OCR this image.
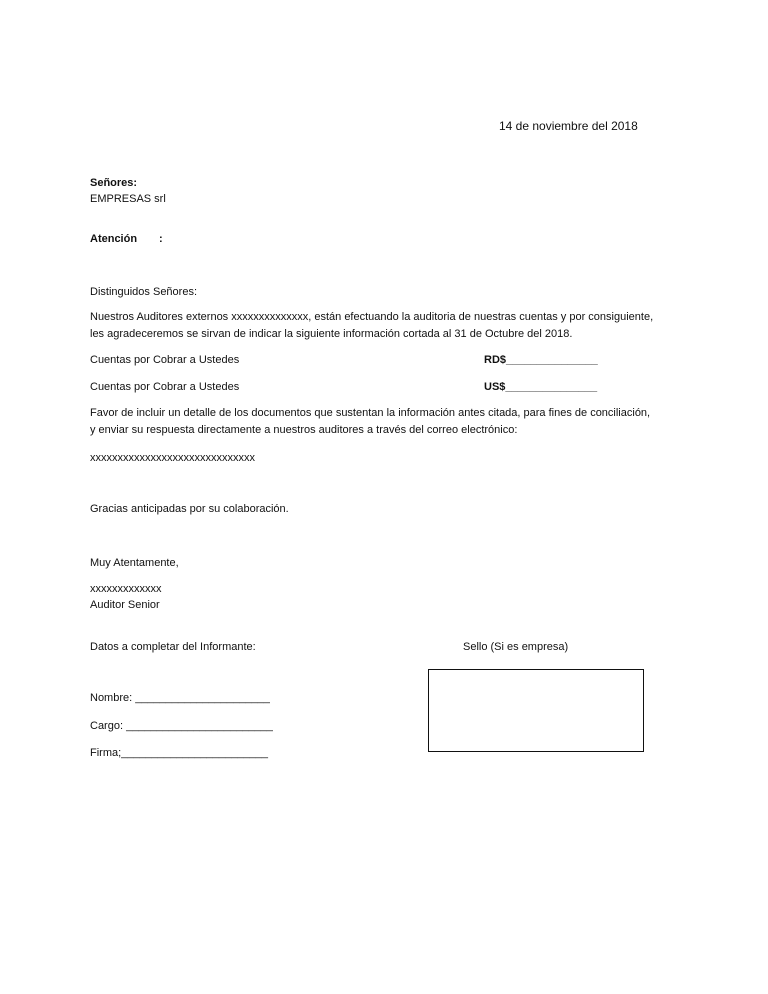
14 de noviembre del 2018
Señores:
EMPRESAS srl
Atención :
Distinguidos Señores:
Nuestros Auditores externos xxxxxxxxxxxxxx, están efectuando la auditoria de nuestras cuentas y por consiguiente,
les agradeceremos se sirvan de indicar la siguiente información cortada al 31 de Octubre del 2018.
Cuentas por Cobrar a Ustedes	RD$_______________
Cuentas por Cobrar a Ustedes	US$_______________
Favor de incluir un detalle de los documentos que sustentan la información antes citada, para fines de conciliación,
y enviar su respuesta directamente a nuestros auditores a través del correo electrónico:
xxxxxxxxxxxxxxxxxxxxxxxxxxxxxx
Gracias anticipadas por su colaboración.
Muy Atentamente,
xxxxxxxxxxxxx
Auditor Senior
Datos a completar del Informante:	Sello (Si es empresa)
Nombre: ______________________
Cargo: ________________________
Firma;________________________
